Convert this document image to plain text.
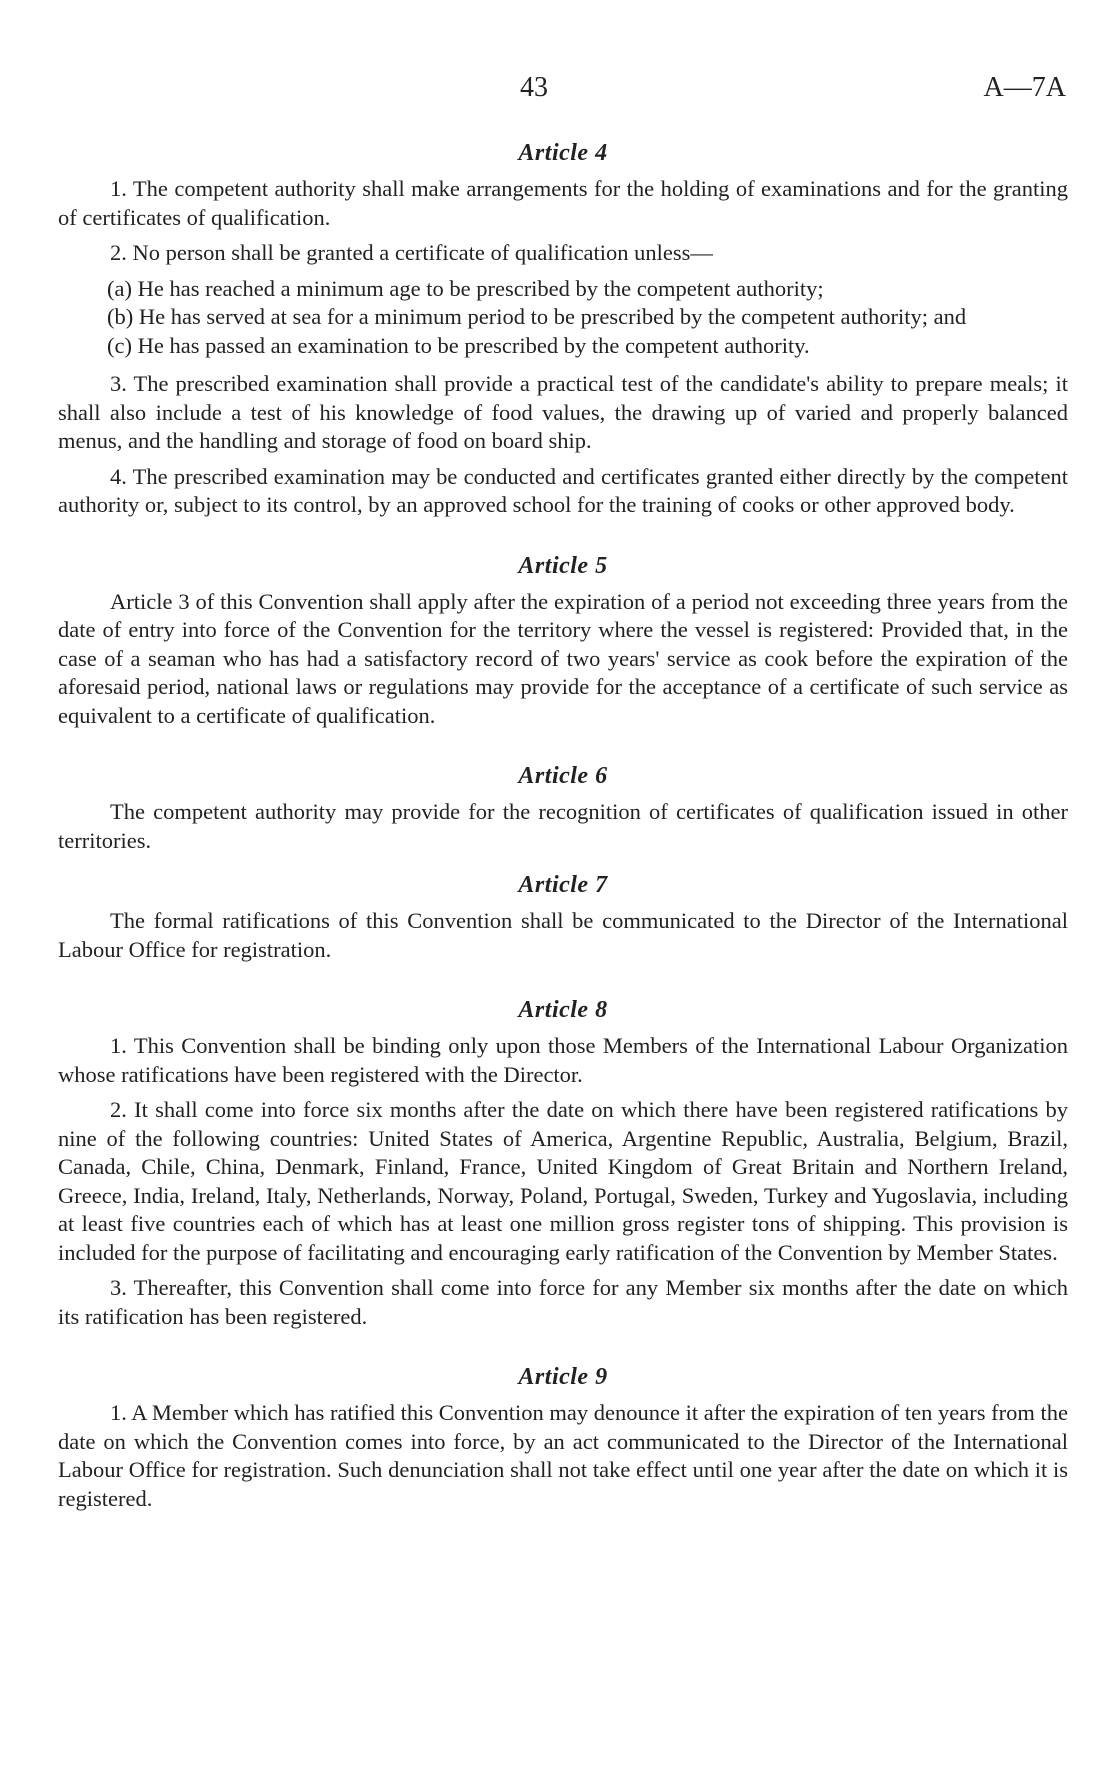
43	A—7A
Article 4

1. The competent authority shall make arrangements for the holding of examinations and for the granting of certificates of qualification.

2. No person shall be granted a certificate of qualification unless—

(a) He has reached a minimum age to be prescribed by the competent authority;

(b) He has served at sea for a minimum period to be prescribed by the competent authority; and

(c) He has passed an examination to be prescribed by the competent authority.

3. The prescribed examination shall provide a practical test of the candidate's ability to prepare meals; it shall also include a test of his knowledge of food values, the drawing up of varied and properly balanced menus, and the handling and storage of food on board ship.

4. The prescribed examination may be conducted and certificates granted either directly by the competent authority or, subject to its control, by an approved school for the training of cooks or other approved body.

Article 5

Article 3 of this Convention shall apply after the expiration of a period not exceeding three years from the date of entry into force of the Convention for the territory where the vessel is registered: Provided that, in the case of a seaman who has had a satisfactory record of two years' service as cook before the expiration of the aforesaid period, national laws or regulations may provide for the acceptance of a certificate of such service as equivalent to a certificate of qualification.

Article 6

The competent authority may provide for the recognition of certificates of qualification issued in other territories.

Article 7

The formal ratifications of this Convention shall be communicated to the Director of the International Labour Office for registration.

Article 8

1. This Convention shall be binding only upon those Members of the International Labour Organization whose ratifications have been registered with the Director.

2. It shall come into force six months after the date on which there have been registered ratifications by nine of the following countries: United States of America, Argentine Republic, Australia, Belgium, Brazil, Canada, Chile, China, Denmark, Finland, France, United Kingdom of Great Britain and Northern Ireland, Greece, India, Ireland, Italy, Netherlands, Norway, Poland, Portugal, Sweden, Turkey and Yugoslavia, including at least five countries each of which has at least one million gross register tons of shipping. This provision is included for the purpose of facilitating and encouraging early ratification of the Convention by Member States.

3. Thereafter, this Convention shall come into force for any Member six months after the date on which its ratification has been registered.

Article 9

1. A Member which has ratified this Convention may denounce it after the expiration of ten years from the date on which the Convention comes into force, by an act communicated to the Director of the International Labour Office for registration. Such denunciation shall not take effect until one year after the date on which it is registered.
